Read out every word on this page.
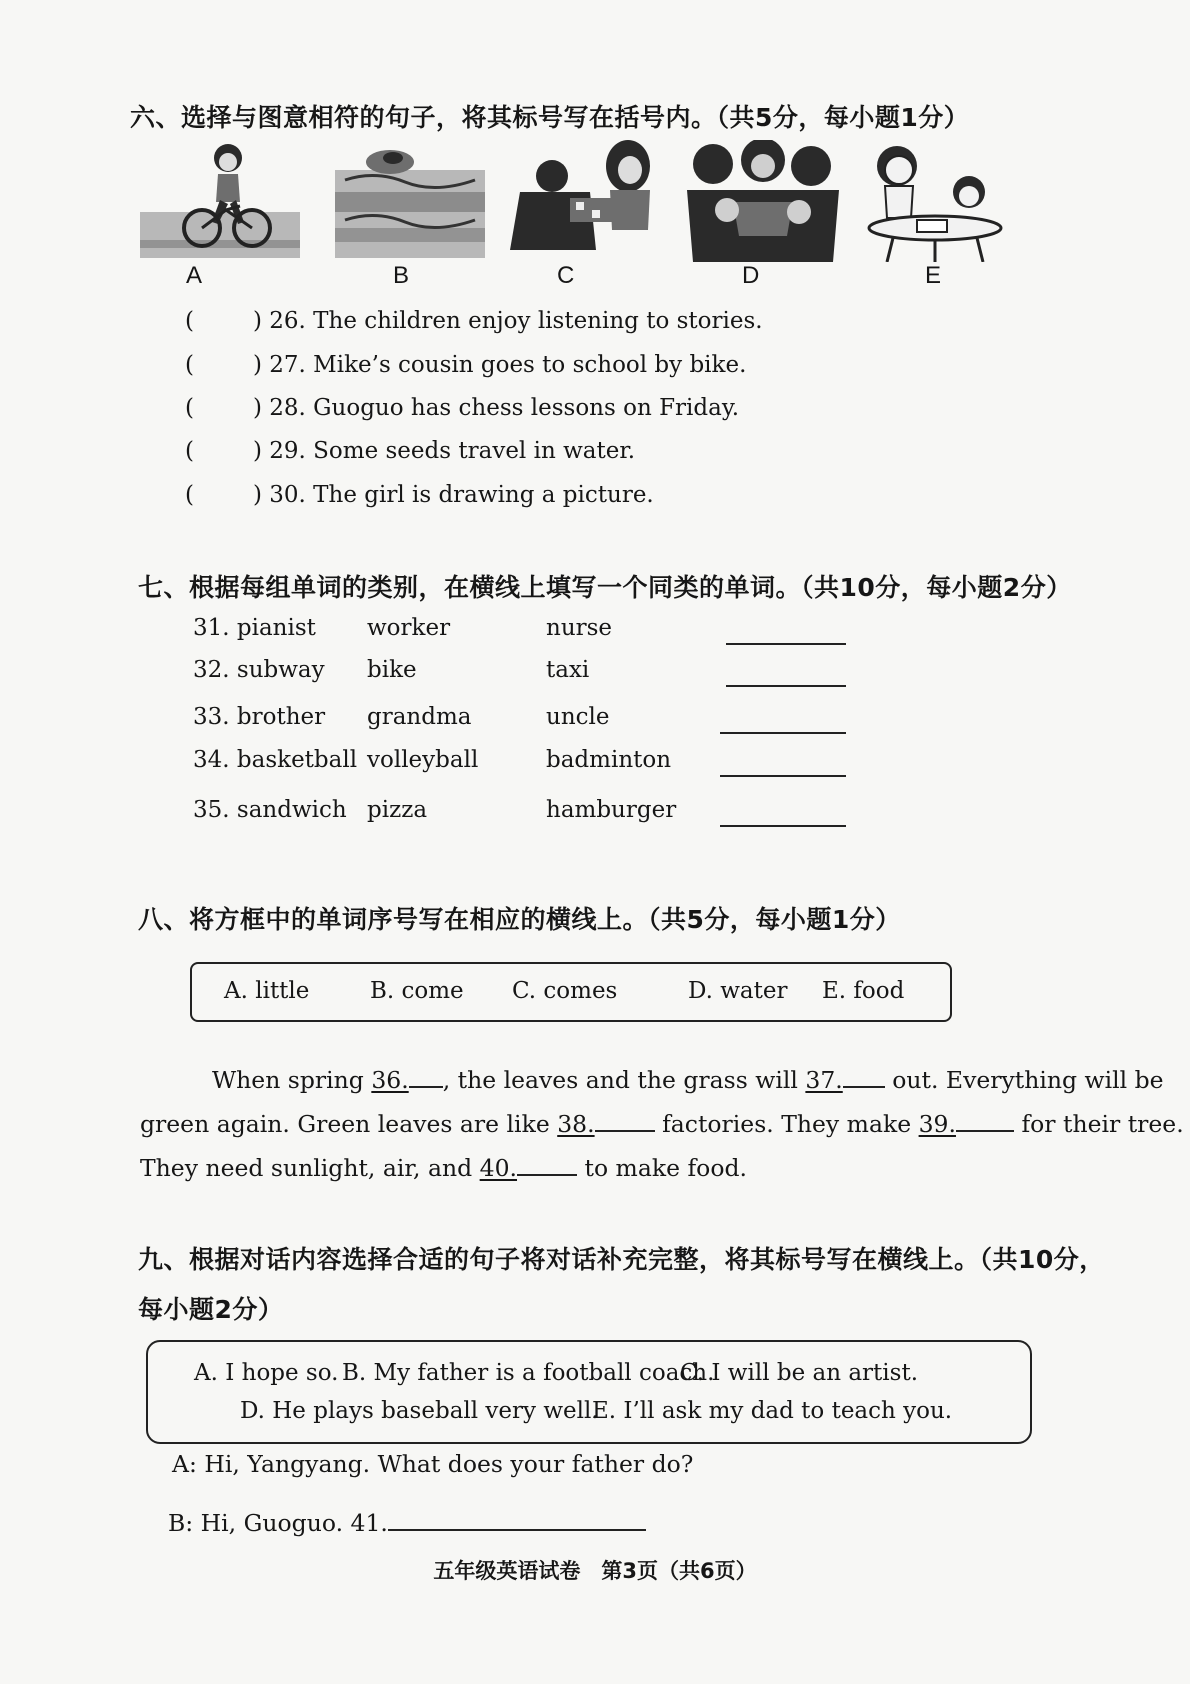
六、选择与图意相符的句子，将其标号写在括号内。（共5分，每小题1分）
A	B	C	D	E
(	) 26. The children enjoy listening to stories.
(	) 27. Mike’s cousin goes to school by bike.
(	) 28. Guoguo has chess lessons on Friday.
(	) 29. Some seeds travel in water.
(	) 30. The girl is drawing a picture.
七、根据每组单词的类别，在横线上填写一个同类的单词。（共10分，每小题2分）
31. pianist worker	nurse
32. subway bike	taxi
33. brother grandma	uncle
34. basketball volleyball	badminton
35. sandwich pizza	hamburger
八、将方框中的单词序号写在相应的横线上。（共5分，每小题1分）
A. little	B. come C. comes	D. water E. food
When spring 36. , the leaves and the grass will 37. out. Everything will be
green again. Green leaves are like 38.	factories. They make 39.	for their tree.
They need sunlight, air, and 40.	to make food.
九、根据对话内容选择合适的句子将对话补充完整，将其标号写在横线上。（共10分，
每小题2分）
A. I hope so. B. My father is a football coach.
C. I will be an artist.
D. He plays baseball very well.
E. I’ll ask my dad to teach you.
A: Hi, Yangyang. What does your father do?
B: Hi, Guoguo. 41.
五年级英语试卷　第3页（共6页）
